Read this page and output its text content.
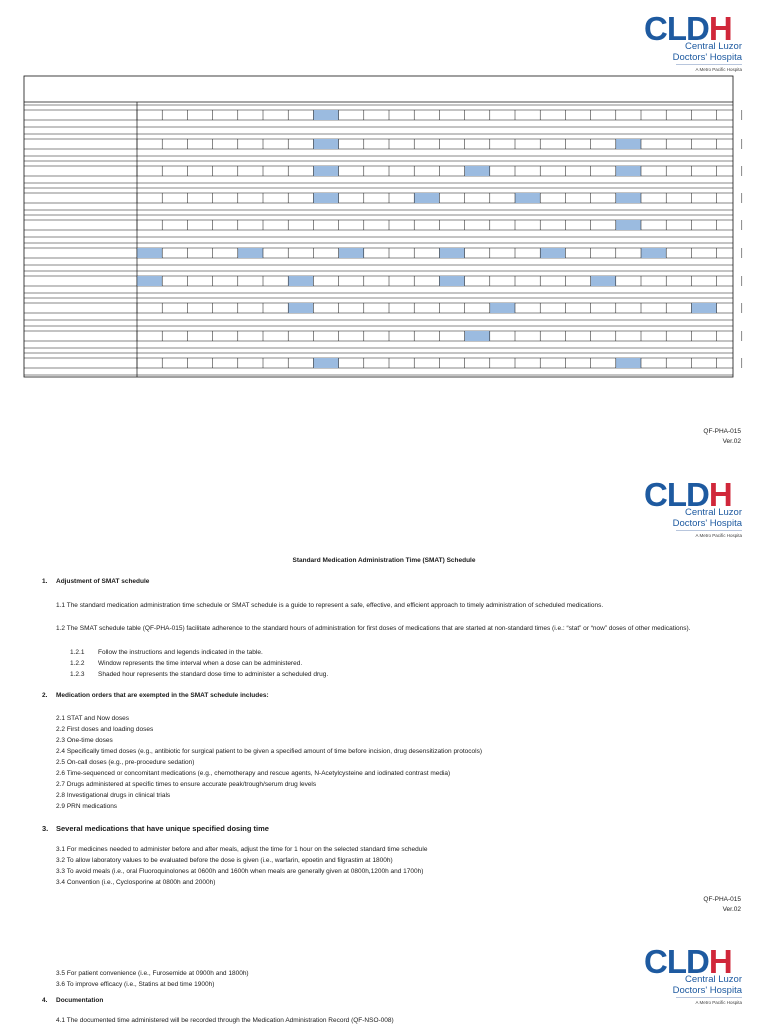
CLDH
Central Luzor
Doctors' Hospita
A Metro Pacific Hospita
QF-PHA-015
Ver.02
CLDH
Central Luzor
Doctors' Hospita
A Metro Pacific Hospita
Standard Medication Administration Time (SMAT) Schedule
1. Adjustment of SMAT schedule
1.1 The standard medication administration time schedule or SMAT schedule is a guide to represent a safe, effective, and efficient approach to timely administration of scheduled medications.
1.2 The SMAT schedule table (QF-PHA-015) facilitate adherence to the standard hours of administration for first doses of medications that are started at non-standard times (i.e.: “stat” or “now” doses of other medications).
1.2.1 Follow the instructions and legends indicated in the table.
1.2.2 Window represents the time interval when a dose can be administered.
1.2.3 Shaded hour represents the standard dose time to administer a scheduled drug.
2. Medication orders that are exempted in the SMAT schedule includes:
2.1 STAT and Now doses
2.2 First doses and loading doses
2.3 One-time doses
2.4 Specifically timed doses (e.g., antibiotic for surgical patient to be given a specified amount of time before incision, drug desensitization protocols)
2.5 On-call doses (e.g., pre-procedure sedation)
2.6 Time-sequenced or concomitant medications (e.g., chemotherapy and rescue agents, N-Acetylcysteine and iodinated contrast media)
2.7 Drugs administered at specific times to ensure accurate peak/trough/serum drug levels
2.8 Investigational drugs in clinical trials
2.9 PRN medications
3. Several medications that have unique specified dosing time
3.1 For medicines needed to administer before and after meals, adjust the time for 1 hour on the selected standard time schedule
3.2 To allow laboratory values to be evaluated before the dose is given (i.e., warfarin, epoetin and filgrastim at 1800h)
3.3 To avoid meals (i.e., oral Fluoroquinolones at 0600h and 1600h when meals are generally given at 0800h,1200h and 1700h)
3.4 Convention (i.e., Cyclosporine at 0800h and 2000h)
QF-PHA-015
Ver.02
CLDH
Central Luzor
Doctors' Hospita
A Metro Pacific Hospita
3.5 For patient convenience (i.e., Furosemide at 0900h and 1800h)
3.6 To improve efficacy (i.e., Statins at bed time 1900h)
4. Documentation
4.1 The documented time administered will be recorded through the Medication Administration Record (QF-NSO-008)
